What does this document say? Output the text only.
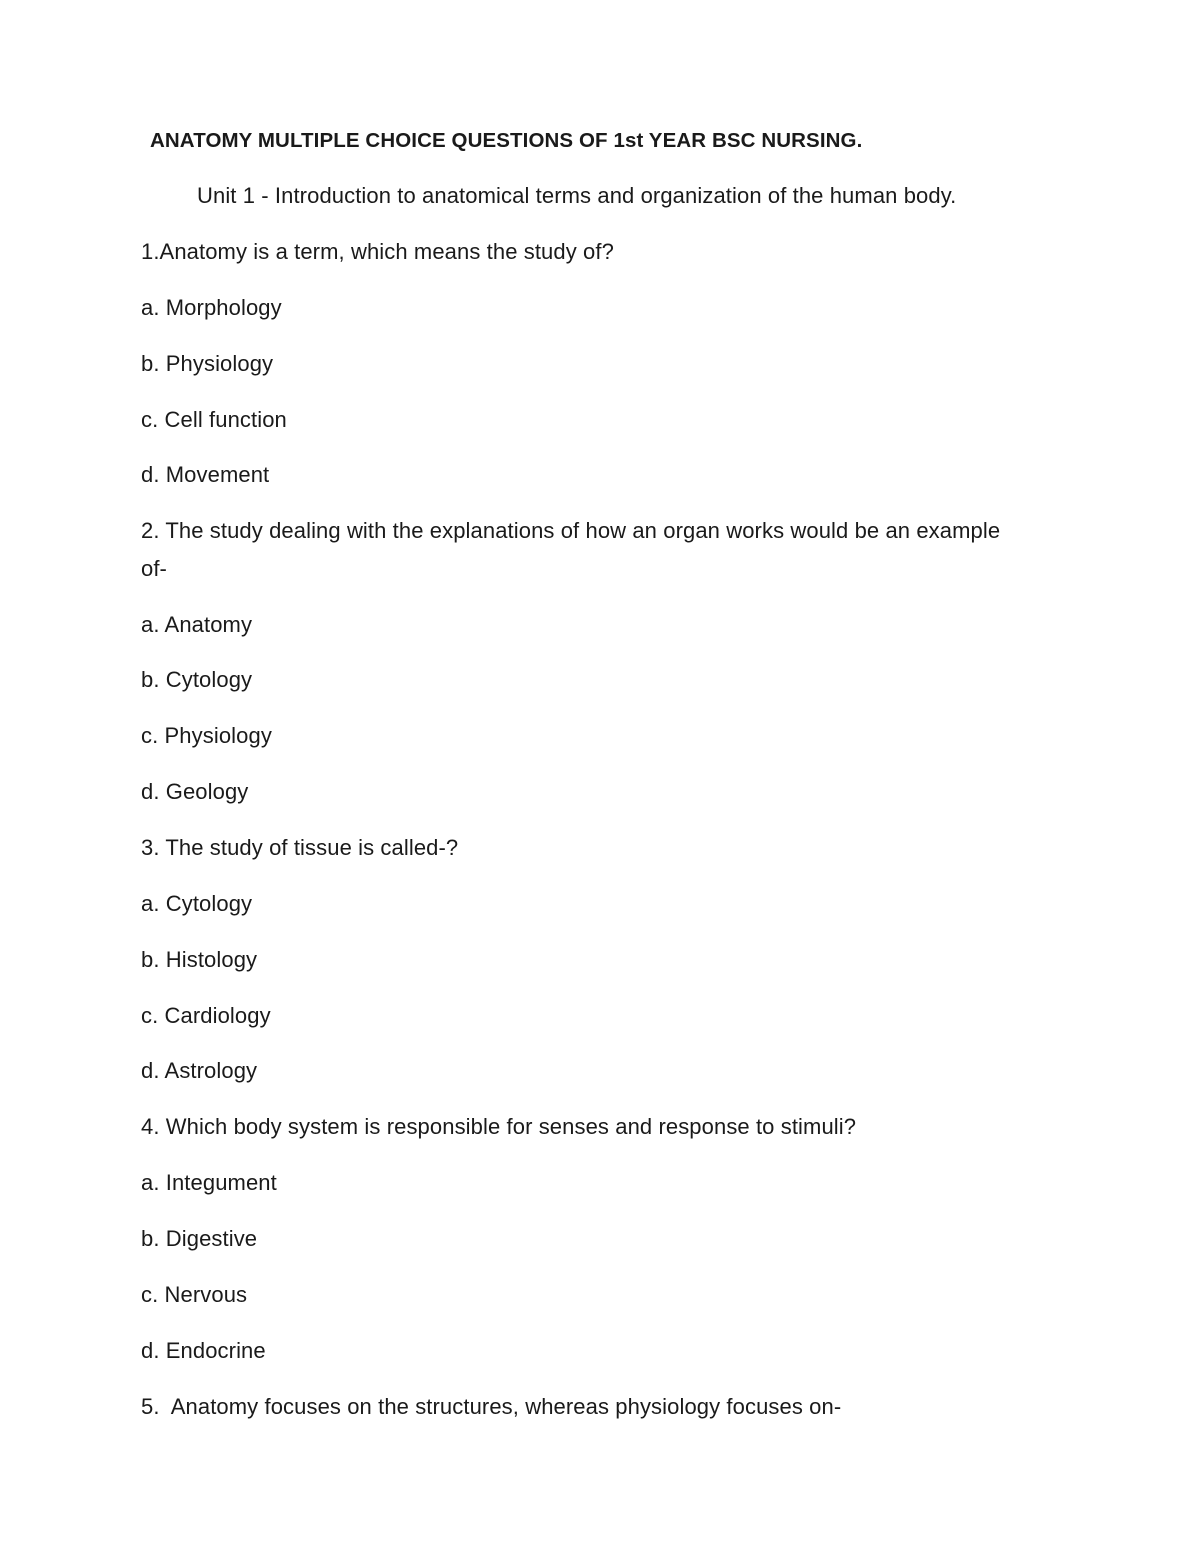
ANATOMY MULTIPLE CHOICE QUESTIONS OF 1st YEAR BSC NURSING.
Unit 1 - Introduction to anatomical terms and organization of the human body.
1.Anatomy is a term, which means the study of?
a. Morphology
b. Physiology
c. Cell function
d. Movement
2. The study dealing with the explanations of how an organ works would be an example
of-
a. Anatomy
b. Cytology
c. Physiology
d. Geology
3. The study of tissue is called-?
a. Cytology
b. Histology
c. Cardiology
d. Astrology
4. Which body system is responsible for senses and response to stimuli?
a. Integument
b. Digestive
c. Nervous
d. Endocrine
5.  Anatomy focuses on the structures, whereas physiology focuses on-
